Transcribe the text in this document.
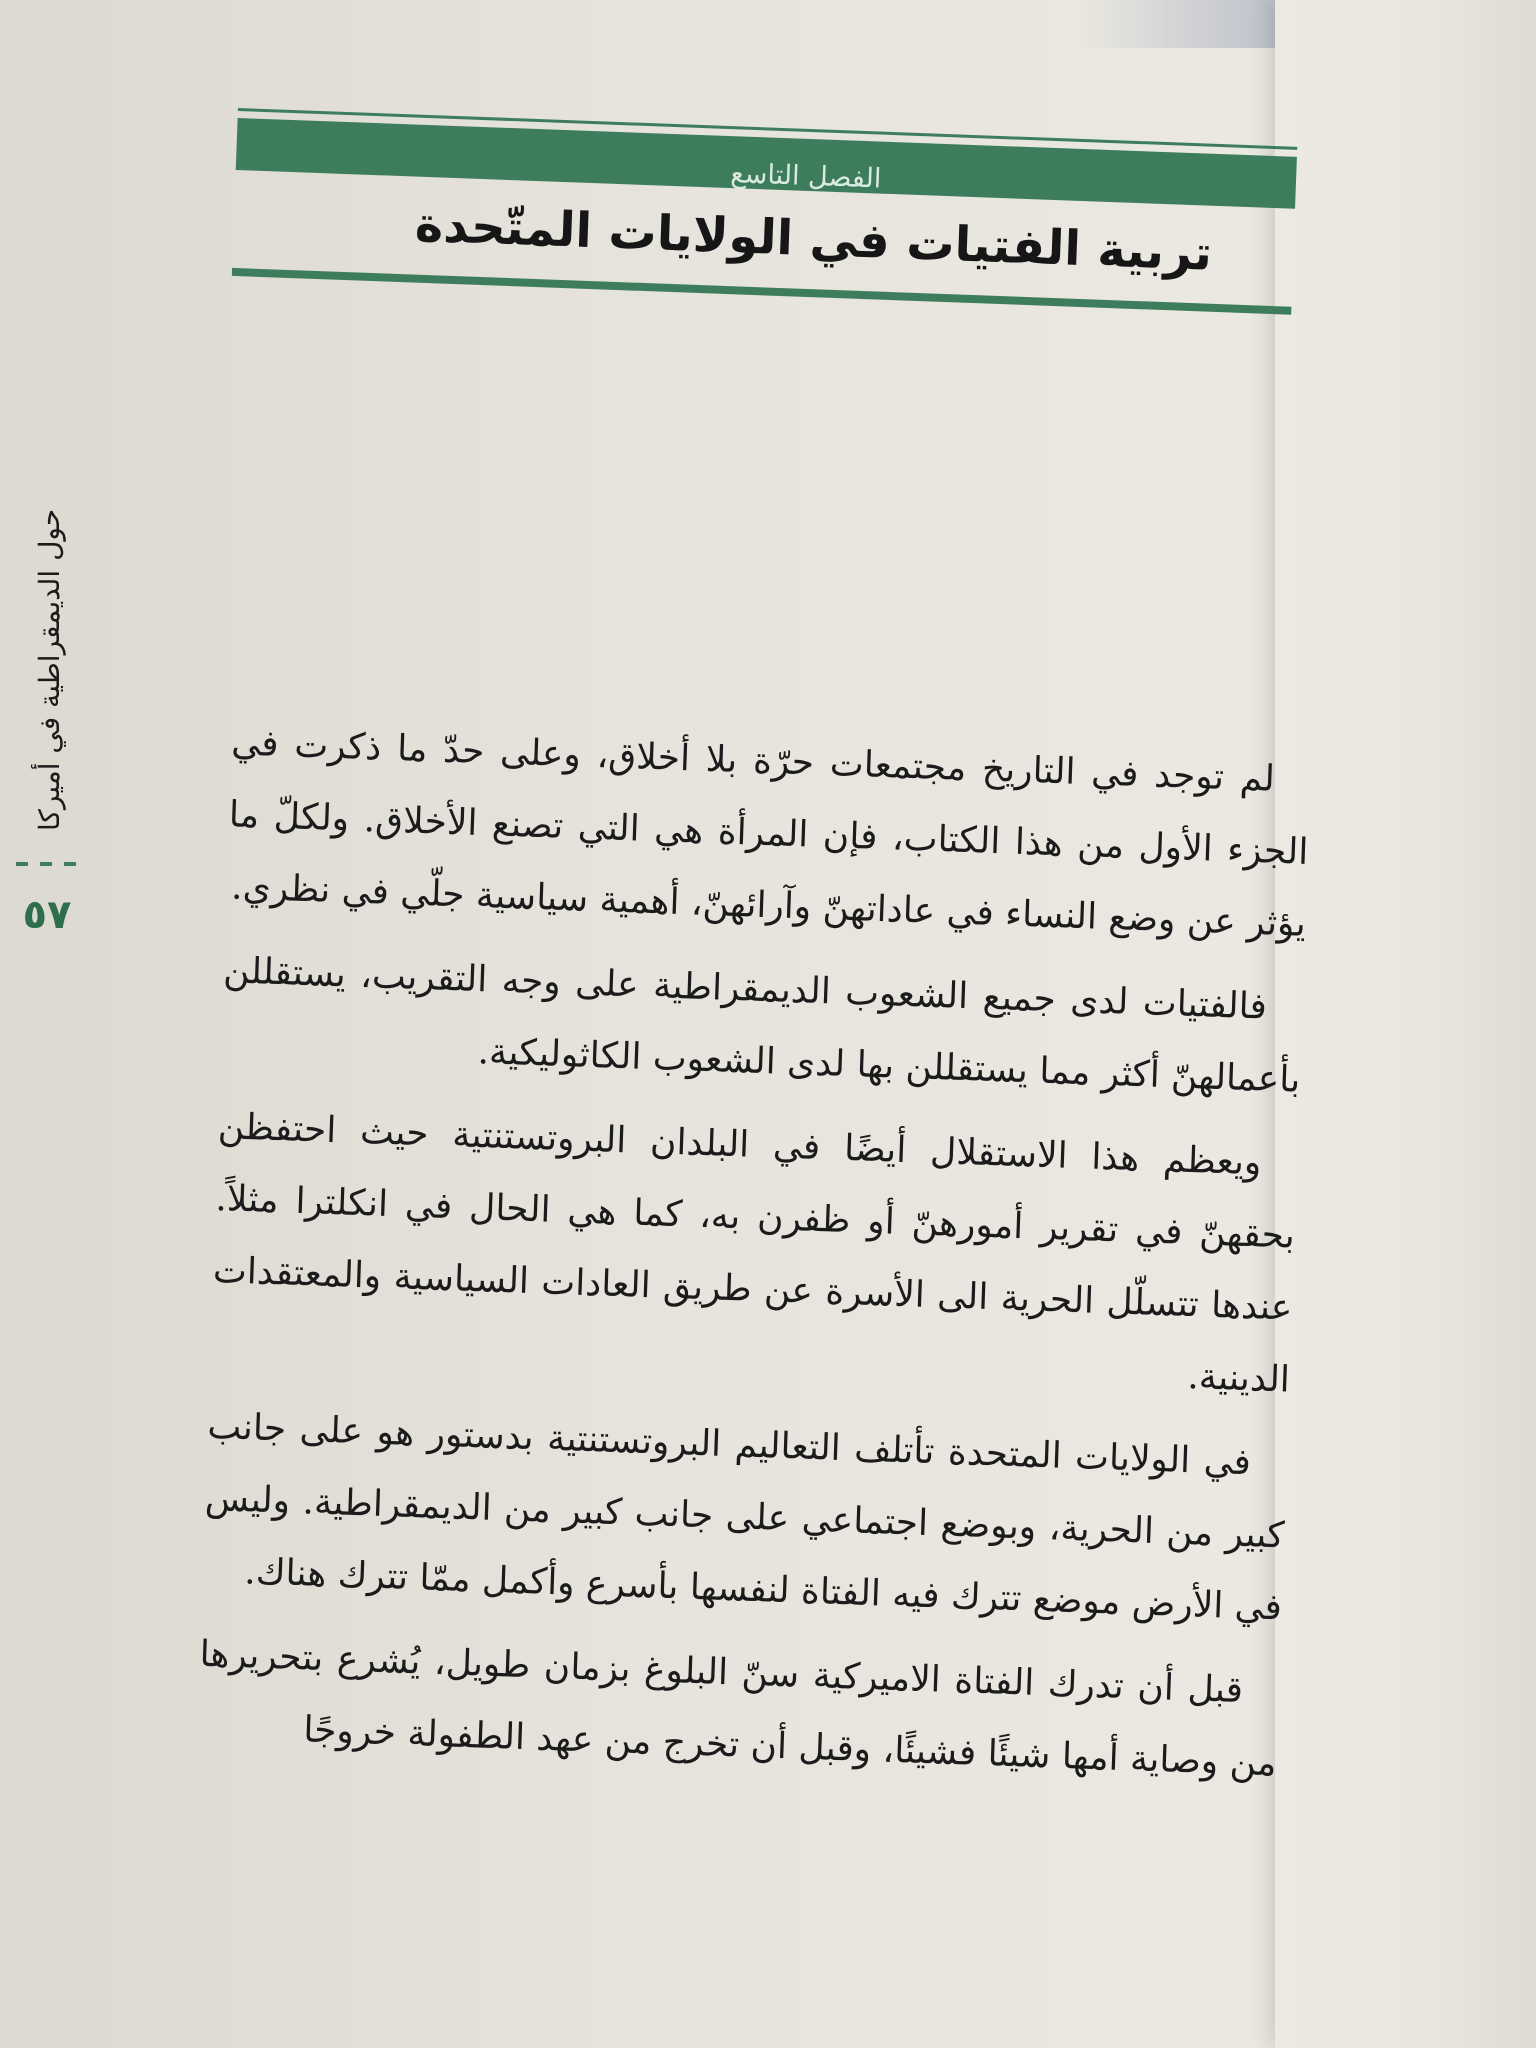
الفصل التاسع
تربية الفتيات في الولايات المتّحدة

لم توجد في التاريخ مجتمعات حرّة بلا أخلاق، وعلى حدّ ما ذكرت في الجزء الأول من هذا الكتاب، فإن المرأة هي التي تصنع الأخلاق. ولكلّ ما يؤثر عن وضع النساء في عاداتهنّ وآرائهنّ، أهمية سياسية جلّي في نظري.

فالفتيات لدى جميع الشعوب الديمقراطية على وجه التقريب، يستقللن بأعمالهنّ أكثر مما يستقللن بها لدى الشعوب الكاثوليكية.

ويعظم هذا الاستقلال أيضًا في البلدان البروتستنتية حيث احتفظن بحقهنّ في تقرير أمورهنّ أو ظفرن به، كما هي الحال في انكلترا مثلاً. عندها تتسلّل الحرية الى الأسرة عن طريق العادات السياسية والمعتقدات الدينية.

في الولايات المتحدة تأتلف التعاليم البروتستنتية بدستور هو على جانب كبير من الحرية، وبوضع اجتماعي على جانب كبير من الديمقراطية. وليس في الأرض موضع تترك فيه الفتاة لنفسها بأسرع وأكمل ممّا تترك هناك.

قبل أن تدرك الفتاة الاميركية سنّ البلوغ بزمان طويل، يُشرع بتحريرها من وصاية أمها شيئًا فشيئًا، وقبل أن تخرج من عهد الطفولة خروجًا

حول الديمقراطية في أميركا
٥٧
